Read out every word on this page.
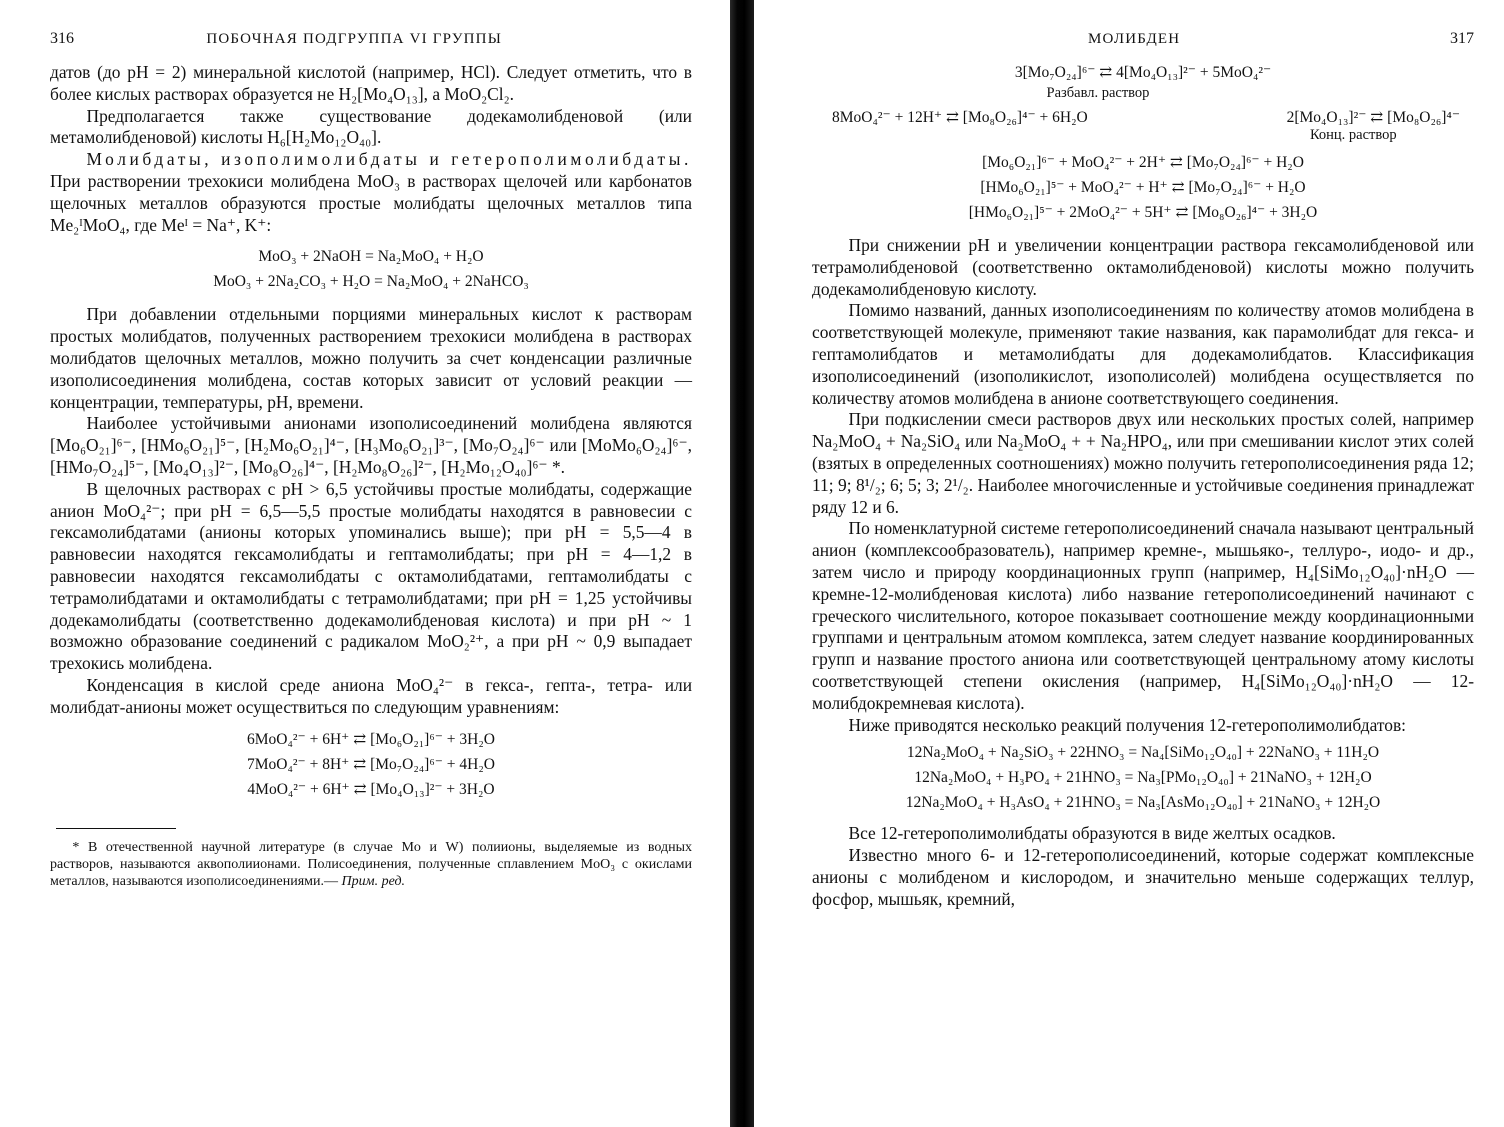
316	ПОБОЧНАЯ ПОДГРУППА VI ГРУППЫ

датов (до pH = 2) минеральной кислотой (например, HCl). Следует отметить, что в более кислых растворах образуется не H₂[Mo₄O₁₃], а MoO₂Cl₂.

Предполагается также существование додекамолибденовой (или метамолибденовой) кислоты H₆[H₂Mo₁₂O₄₀].

Молибдаты, изополимолибдаты и гетерополимолибдаты. При растворении трехокиси молибдена MoO₃ в растворах щелочей или карбонатов щелочных металлов образуются простые молибдаты щелочных металлов типа Me₂ᴵMoO₄, где Meᴵ = Na⁺, K⁺:

MoO₃ + 2NaOH = Na₂MoO₄ + H₂O
MoO₃ + 2Na₂CO₃ + H₂O = Na₂MoO₄ + 2NaHCO₃

При добавлении отдельными порциями минеральных кислот к растворам простых молибдатов, полученных растворением трехокиси молибдена в растворах молибдатов щелочных металлов, можно получить за счет конденсации различные изополисоединения молибдена, состав которых зависит от условий реакции — концентрации, температуры, pH, времени.

Наиболее устойчивыми анионами изополисоединений молибдена являются [Mo₆O₂₁]⁶⁻, [HMo₆O₂₁]⁵⁻, [H₂Mo₆O₂₁]⁴⁻, [H₃Mo₆O₂₁]³⁻, [Mo₇O₂₄]⁶⁻ или [MoMo₆O₂₄]⁶⁻, [HMo₇O₂₄]⁵⁻, [Mo₄O₁₃]²⁻, [Mo₈O₂₆]⁴⁻, [H₂Mo₈O₂₆]²⁻, [H₂Mo₁₂O₄₀]⁶⁻ *.

В щелочных растворах с pH > 6,5 устойчивы простые молибдаты, содержащие анион MoO₄²⁻; при pH = 6,5—5,5 простые молибдаты находятся в равновесии с гексамолибдатами (анионы которых упоминались выше); при pH = 5,5—4 в равновесии находятся гексамолибдаты и гептамолибдаты; при pH = 4—1,2 в равновесии находятся гексамолибдаты с октамолибдатами, гептамолибдаты с тетрамолибдатами и октамолибдаты с тетрамолибдатами; при pH = 1,25 устойчивы додекамолибдаты (соответственно додекамолибденовая кислота) и при pH ~ 1 возможно образование соединений с радикалом MoO₂²⁺, а при pH ~ 0,9 выпадает трехокись молибдена.

Конденсация в кислой среде аниона MoO₄²⁻ в гекса-, гепта-, тетра- или молибдат-анионы может осуществиться по следующим уравнениям:

6MoO₄²⁻ + 6H⁺ ⇄ [Mo₆O₂₁]⁶⁻ + 3H₂O
7MoO₄²⁻ + 8H⁺ ⇄ [Mo₇O₂₄]⁶⁻ + 4H₂O
4MoO₄²⁻ + 6H⁺ ⇄ [Mo₄O₁₃]²⁻ + 3H₂O
* В отечественной научной литературе (в случае Mo и W) полиионы, выделяемые из водных растворов, называются аквополиионами. Полисоединения, полученные сплавлением MoO₃ с окислами металлов, называются изополисоединениями.— Прим. ред.
МОЛИБДЕН	317
3[Mo₇O₂₄]⁶⁻ ⇄ 4[Mo₄O₁₃]²⁻ + 5MoO₄²⁻
Разбавл. раствор
8MoO₄²⁻ + 12H⁺ ⇄ [Mo₈O₂₆]⁴⁻ + 6H₂O	2[Mo₄O₁₃]²⁻ ⇄ [Mo₈O₂₆]⁴⁻
Конц. раствор
[Mo₆O₂₁]⁶⁻ + MoO₄²⁻ + 2H⁺ ⇄ [Mo₇O₂₄]⁶⁻ + H₂O
[HMo₆O₂₁]⁵⁻ + MoO₄²⁻ + H⁺ ⇄ [Mo₇O₂₄]⁶⁻ + H₂O
[HMo₆O₂₁]⁵⁻ + 2MoO₄²⁻ + 5H⁺ ⇄ [Mo₈O₂₆]⁴⁻ + 3H₂O

При снижении pH и увеличении концентрации раствора гексамолибденовой или тетрамолибденовой (соответственно октамолибденовой) кислоты можно получить додекамолибденовую кислоту.

Помимо названий, данных изополисоединениям по количеству атомов молибдена в соответствующей молекуле, применяют такие названия, как парамолибдат для гекса- и гептамолибдатов и метамолибдаты для додекамолибдатов. Классификация изополисоединений (изополикислот, изополисолей) молибдена осуществляется по количеству атомов молибдена в анионе соответствующего соединения.

При подкислении смеси растворов двух или нескольких простых солей, например Na₂MoO₄ + Na₂SiO₄ или Na₂MoO₄ + + Na₂HPO₄, или при смешивании кислот этих солей (взятых в определенных соотношениях) можно получить гетерополисоединения ряда 12; 11; 9; 8¹/₂; 6; 5; 3; 2¹/₂. Наиболее многочисленные и устойчивые соединения принадлежат ряду 12 и 6.

По номенклатурной системе гетерополисоединений сначала называют центральный анион (комплексообразователь), например кремне-, мышьяко-, теллуро-, иодо- и др., затем число и природу координационных групп (например, H₄[SiMo₁₂O₄₀]·nH₂O — кремне-12-молибденовая кислота) либо название гетерополисоединений начинают с греческого числительного, которое показывает соотношение между координационными группами и центральным атомом комплекса, затем следует название координированных групп и название простого аниона или соответствующей центральному атому кислоты соответствующей степени окисления (например, H₄[SiMo₁₂O₄₀]·nH₂O — 12-молибдокремневая кислота).

Ниже приводятся несколько реакций получения 12-гетерополимолибдатов:

12Na₂MoO₄ + Na₂SiO₃ + 22HNO₃ = Na₄[SiMo₁₂O₄₀] + 22NaNO₃ + 11H₂O
12Na₂MoO₄ + H₃PO₄ + 21HNO₃ = Na₃[PMo₁₂O₄₀] + 21NaNO₃ + 12H₂O
12Na₂MoO₄ + H₃AsO₄ + 21HNO₃ = Na₃[AsMo₁₂O₄₀] + 21NaNO₃ + 12H₂O

Все 12-гетерополимолибдаты образуются в виде желтых осадков.

Известно много 6- и 12-гетерополисоединений, которые содержат комплексные анионы с молибденом и кислородом, и значительно меньше содержащих теллур, фосфор, мышьяк, кремний,
